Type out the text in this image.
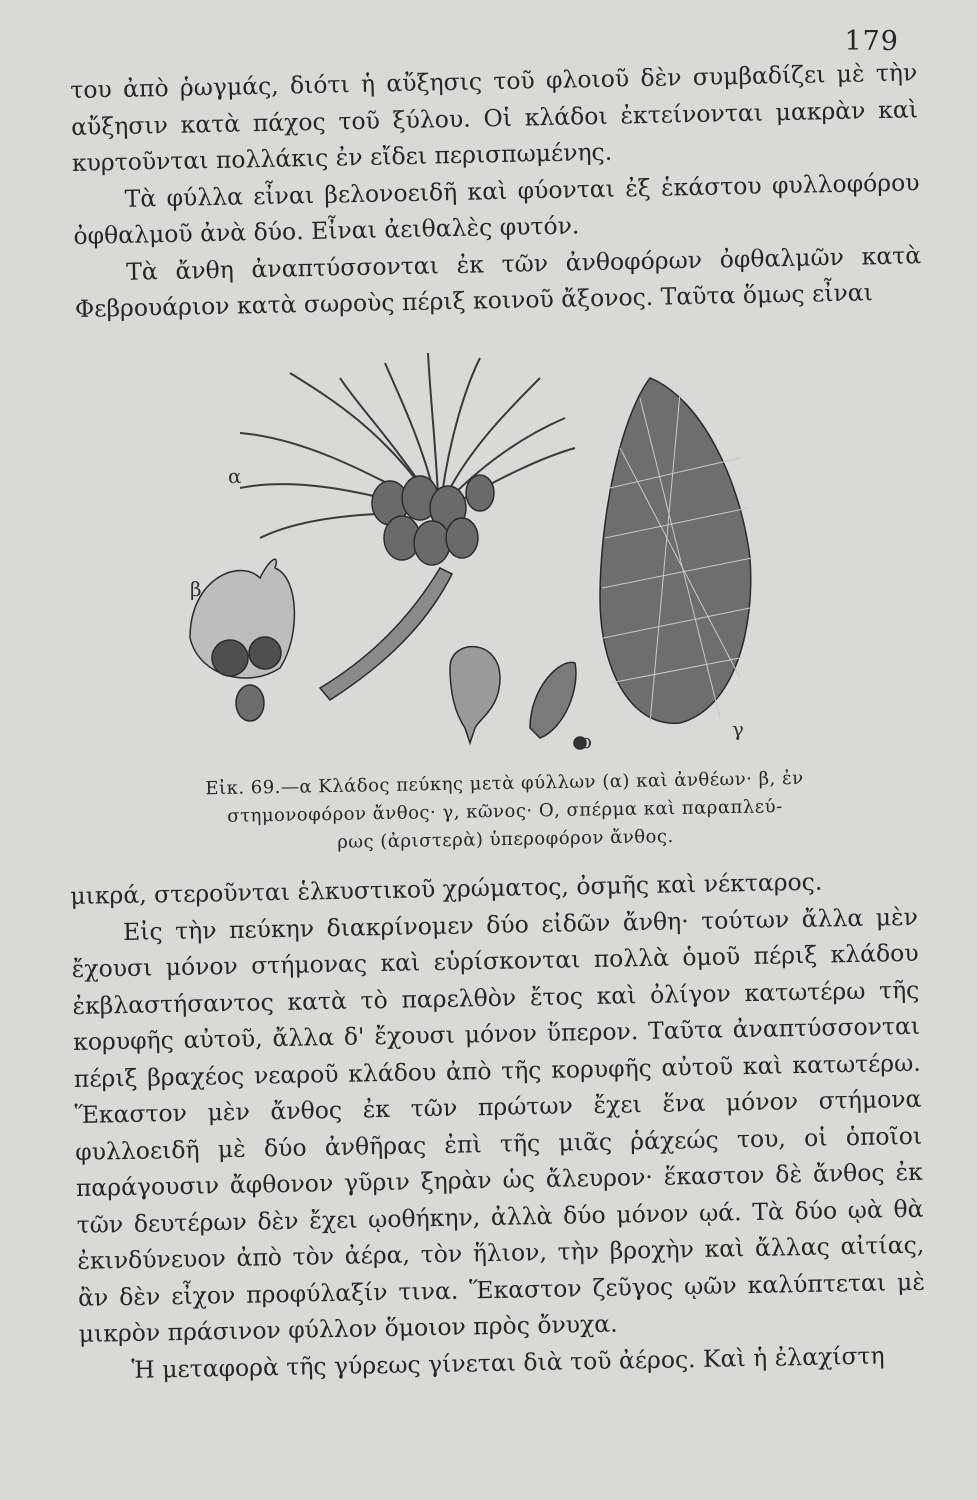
179

του ἀπὸ ῥωγμάς, διότι ἡ αὔξησις τοῦ φλοιοῦ δὲν συμβαδίζει μὲ τὴν αὔξησιν κατὰ πάχος τοῦ ξύλου. Οἱ κλάδοι ἐκτείνονται μακρὰν καὶ κυρτοῦνται πολλάκις ἐν εἴδει περισπωμένης.

Τὰ φύλλα εἶναι βελονοειδῆ καὶ φύονται ἐξ ἑκάστου φυλλοφόρου ὀφθαλμοῦ ἀνὰ δύο. Εἶναι ἀειθαλὲς φυτόν.

Τὰ ἄνθη ἀναπτύσσονται ἐκ τῶν ἀνθοφόρων ὀφθαλμῶν κατὰ Φεβρουάριον κατὰ σωροὺς πέριξ κοινοῦ ἄξονος. Ταῦτα ὅμως εἶναι

α
β
γ
ο
Εἰκ. 69.—α Κλάδος πεύκης μετὰ φύλλων (α) καὶ ἀνθέων· β, ἐν
στημονοφόρον ἄνθος· γ, κῶνος· Ο, σπέρμα καὶ παραπλεύ-
ρως (ἀριστερὰ) ὑπεροφόρον ἄνθος.

μικρά, στεροῦνται ἑλκυστικοῦ χρώματος, ὀσμῆς καὶ νέκταρος.

Εἰς τὴν πεύκην διακρίνομεν δύο εἰδῶν ἄνθη· τούτων ἄλλα μὲν ἔχουσι μόνον στήμονας καὶ εὑρίσκονται πολλὰ ὁμοῦ πέριξ κλάδου ἐκβλαστήσαντος κατὰ τὸ παρελθὸν ἔτος καὶ ὀλίγον κατωτέρω τῆς κορυφῆς αὐτοῦ, ἄλλα δ' ἔχουσι μόνον ὕπερον. Ταῦτα ἀναπτύσσονται πέριξ βραχέος νεαροῦ κλάδου ἀπὸ τῆς κορυφῆς αὐτοῦ καὶ κατωτέρω. Ἕκαστον μὲν ἄνθος ἐκ τῶν πρώτων ἔχει ἕνα μόνον στήμονα φυλλοειδῆ μὲ δύο ἀνθῆρας ἐπὶ τῆς μιᾶς ῥάχεώς του, οἱ ὁποῖοι παράγουσιν ἄφθονον γῦριν ξηρὰν ὡς ἄλευρον· ἕκαστον δὲ ἄνθος ἐκ τῶν δευτέρων δὲν ἔχει ῳοθήκην, ἀλλὰ δύο μόνον ῳά. Τὰ δύο ῳὰ θὰ ἐκινδύνευον ἀπὸ τὸν ἀέρα, τὸν ἥλιον, τὴν βροχὴν καὶ ἄλλας αἰτίας, ἂν δὲν εἶχον προφύλαξίν τινα. Ἕκαστον ζεῦγος ῳῶν καλύπτεται μὲ μικρὸν πράσινον φύλλον ὅμοιον πρὸς ὄνυχα.

Ἡ μεταφορὰ τῆς γύρεως γίνεται διὰ τοῦ ἀέρος. Καὶ ἡ ἐλαχίστη
